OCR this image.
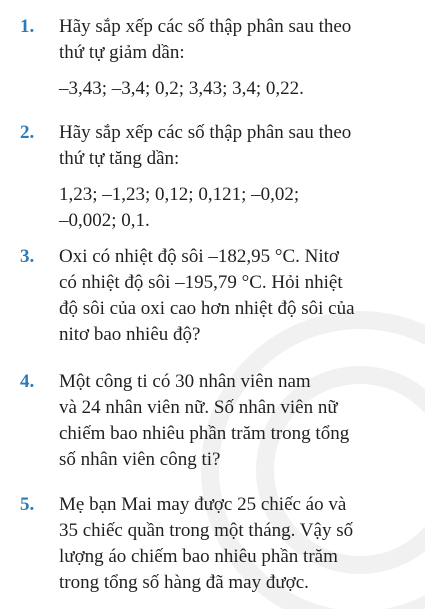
1.	Hãy sắp xếp các số thập phân sau theo
thứ tự giảm dần:
–3,43; –3,4; 0,2; 3,43; 3,4; 0,22.
2.	Hãy sắp xếp các số thập phân sau theo
thứ tự tăng dần:
1,23; –1,23; 0,12; 0,121; –0,02;
–0,002; 0,1.
3.	Oxi có nhiệt độ sôi –182,95 °C. Nitơ
có nhiệt độ sôi –195,79 °C. Hỏi nhiệt
độ sôi của oxi cao hơn nhiệt độ sôi của
nitơ bao nhiêu độ?
4.	Một công ti có 30 nhân viên nam
và 24 nhân viên nữ. Số nhân viên nữ
chiếm bao nhiêu phần trăm trong tổng
số nhân viên công ti?
5.	Mẹ bạn Mai may được 25 chiếc áo và
35 chiếc quần trong một tháng. Vậy số
lượng áo chiếm bao nhiêu phần trăm
trong tổng số hàng đã may được.
